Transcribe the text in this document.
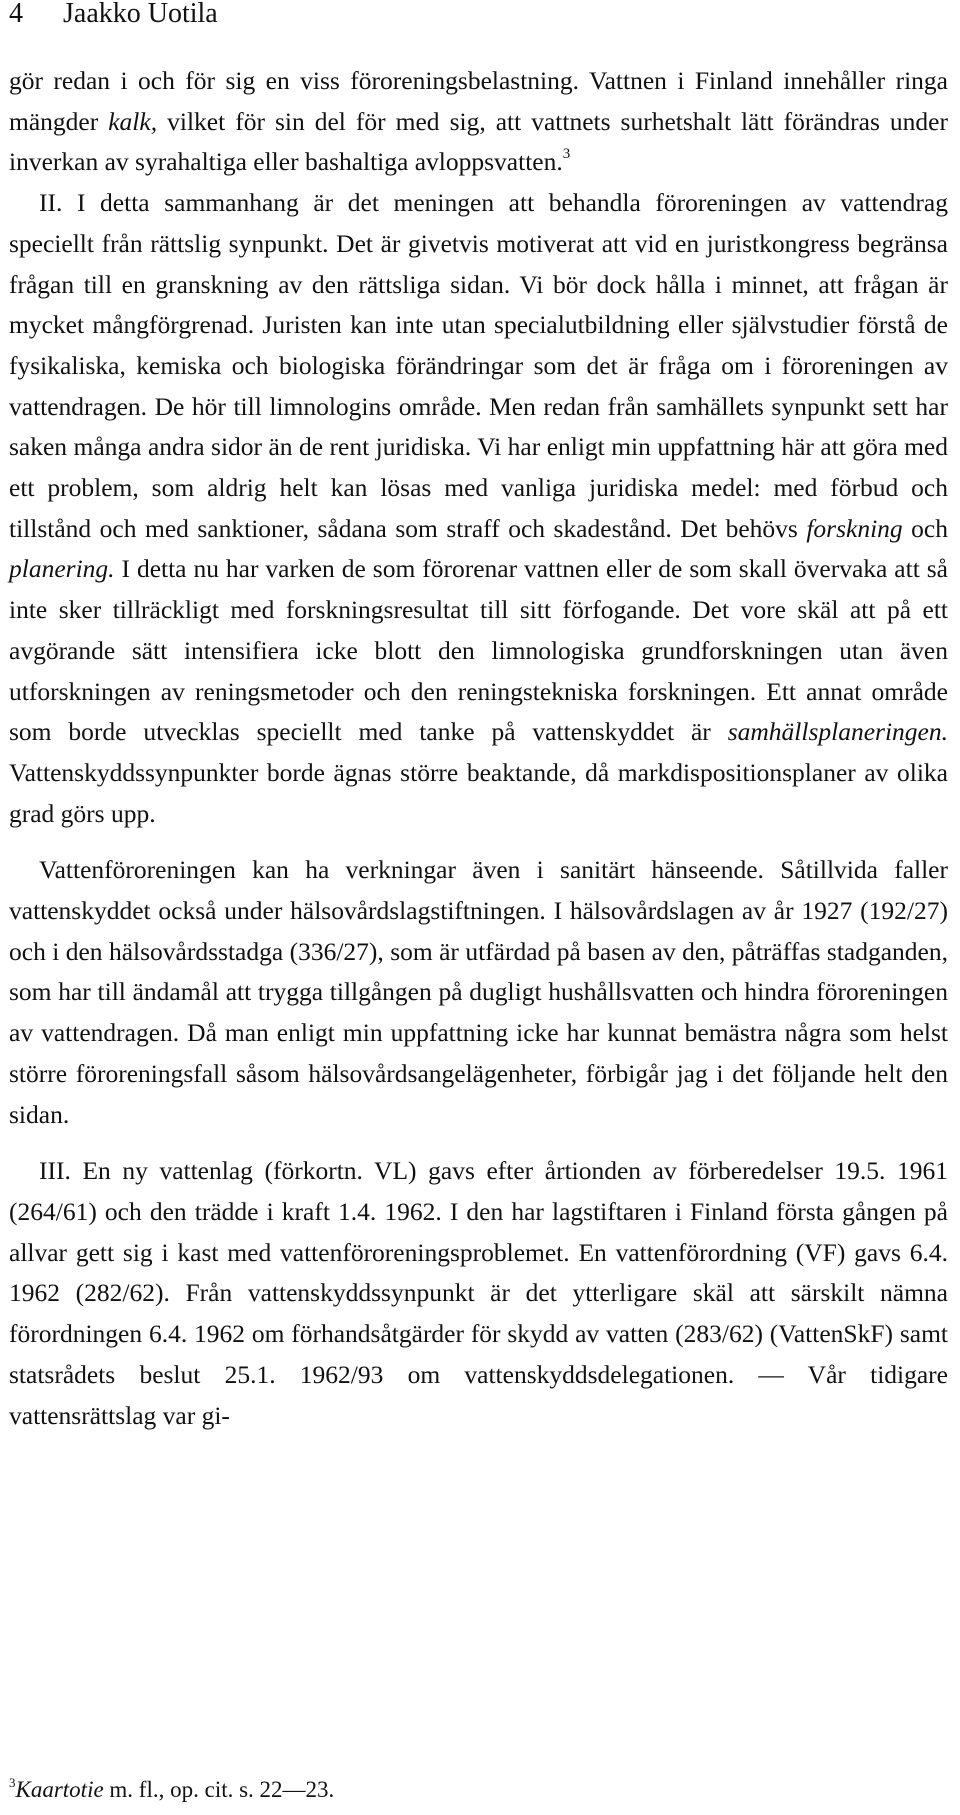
4 Jaakko Uotila

gör redan i och för sig en viss föroreningsbelastning. Vattnen i Finland innehåller ringa mängder kalk, vilket för sin del för med sig, att vattnets surhetshalt lätt förändras under inverkan av syrahaltiga eller bashaltiga avloppsvatten.$^3$

II. I detta sammanhang är det meningen att behandla föroreningen av vattendrag speciellt från rättslig synpunkt. Det är givetvis motiverat att vid en juristkongress begränsa frågan till en granskning av den rättsliga sidan. Vi bör dock hålla i minnet, att frågan är mycket mångförgrenad. Juristen kan inte utan specialutbildning eller självstudier förstå de fysikaliska, kemiska och biologiska förändringar som det är fråga om i föroreningen av vattendragen. De hör till limnologins område. Men redan från samhällets synpunkt sett har saken många andra sidor än de rent juridiska. Vi har enligt min uppfattning här att göra med ett problem, som aldrig helt kan lösas med vanliga juridiska medel: med förbud och tillstånd och med sanktioner, sådana som straff och skadestånd. Det behövs forskning och planering. I detta nu har varken de som förorenar vattnen eller de som skall övervaka att så inte sker tillräckligt med forskningsresultat till sitt förfogande. Det vore skäl att på ett avgörande sätt intensifiera icke blott den limnologiska grundforskningen utan även utforskningen av reningsmetoder och den reningstekniska forskningen. Ett annat område som borde utvecklas speciellt med tanke på vattenskyddet är samhällsplaneringen. Vattenskyddssynpunkter borde ägnas större beaktande, då markdispositionsplaner av olika grad görs upp.

Vattenföroreningen kan ha verkningar även i sanitärt hänseende. Såtillvida faller vattenskyddet också under hälsovårdslagstiftningen. I hälsovårdslagen av år 1927 (192/27) och i den hälsovårdsstadga (336/27), som är utfärdad på basen av den, påträffas stadganden, som har till ändamål att trygga tillgången på dugligt hushållsvatten och hindra föroreningen av vattendragen. Då man enligt min uppfattning icke har kunnat bemästra några som helst större föroreningsfall såsom hälsovårdsangelägenheter, förbigår jag i det följande helt den sidan.

III. En ny vattenlag (förkortn. VL) gavs efter årtionden av förberedelser 19.5. 1961 (264/61) och den trädde i kraft 1.4. 1962. I den har lagstiftaren i Finland första gången på allvar gett sig i kast med vattenföroreningsproblemet. En vattenförordning (VF) gavs 6.4. 1962 (282/62). Från vattenskyddssynpunkt är det ytterligare skäl att särskilt nämna förordningen 6.4. 1962 om förhandsåtgärder för skydd av vatten (283/62) (VattenSkF) samt statsrådets beslut 25.1. 1962/93 om vattenskyddsdelegationen. — Vår tidigare vattensrättslag var gi-

$^3$Kaartotie m. fl., op. cit. s. 22—23.
